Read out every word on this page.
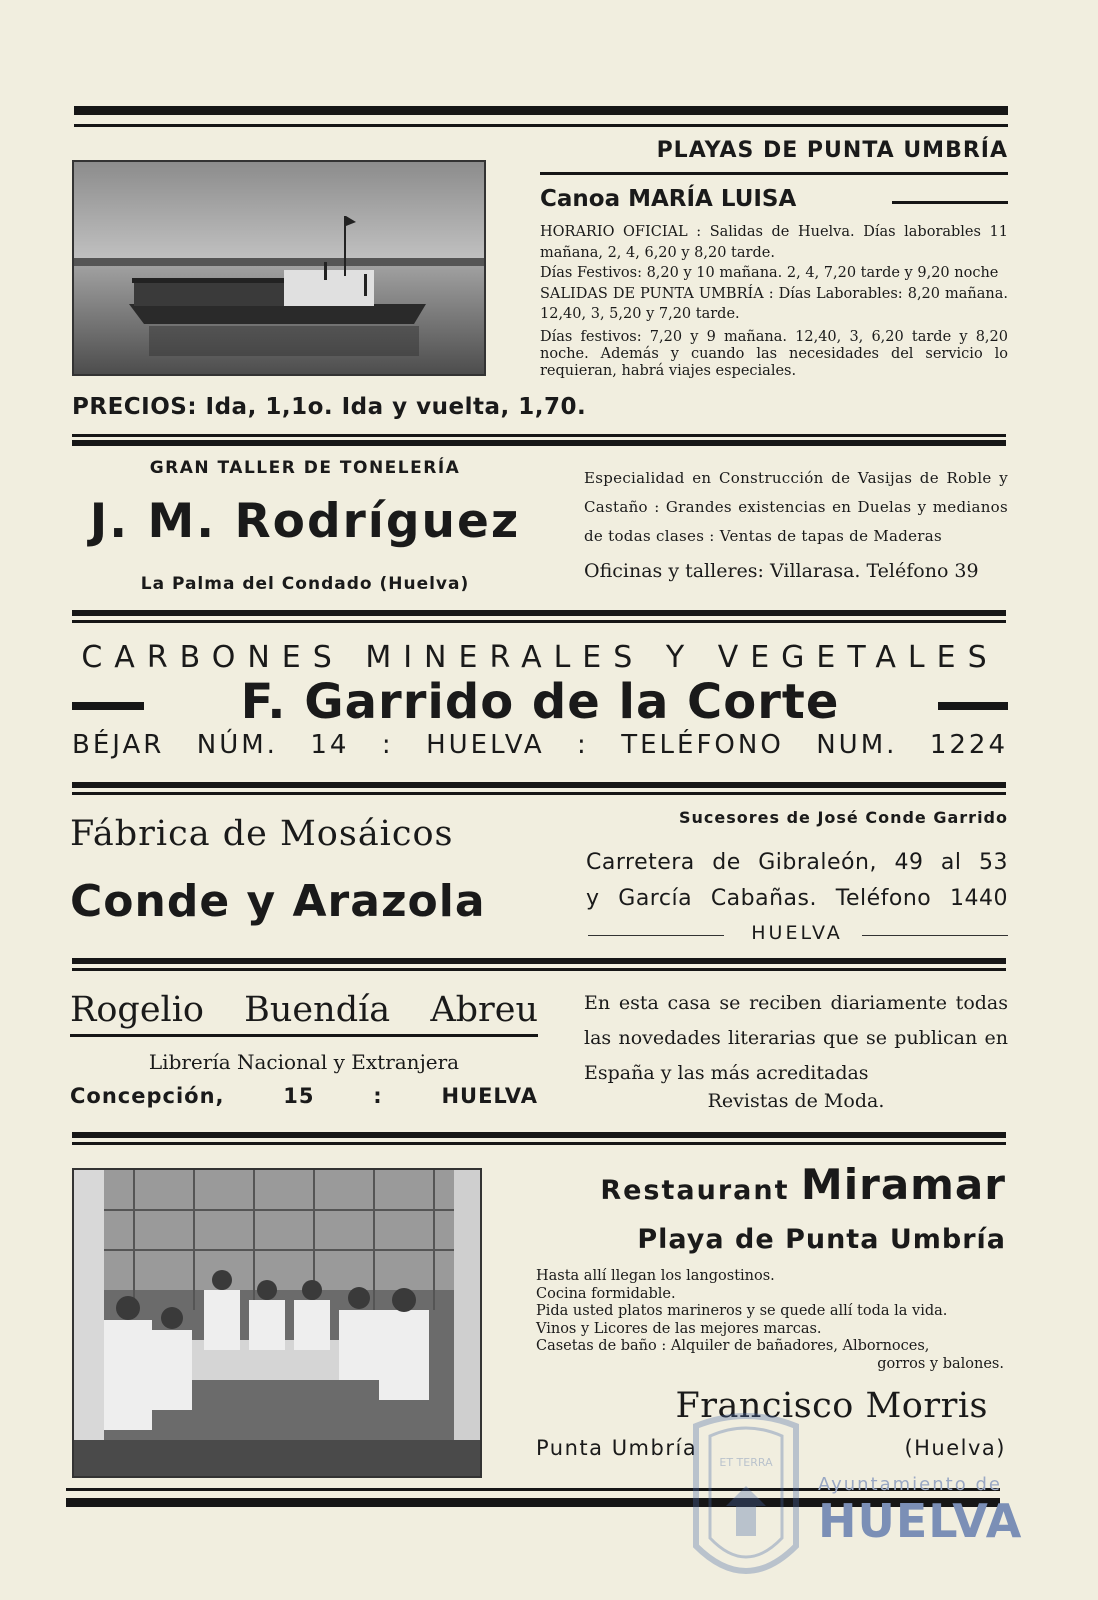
PLAYAS DE PUNTA UMBRÍA
Canoa MARÍA LUISA
HORARIO OFICIAL : Salidas de Huelva. Días laborables 11 mañana, 2, 4, 6,20 y 8,20 tarde.
Días Festivos: 8,20 y 10 mañana. 2, 4, 7,20 tarde y 9,20 noche
SALIDAS DE PUNTA UMBRÍA : Días Laborables: 8,20 mañana. 12,40, 3, 5,20 y 7,20 tarde.
Días festivos: 7,20 y 9 mañana. 12,40, 3, 6,20 tarde y 8,20 noche. Además y cuando las necesidades del servicio lo requieran, habrá viajes especiales.
PRECIOS: Ida, 1,1o. Ida y vuelta, 1,70.
GRAN TALLER DE TONELERÍA
J. M. Rodríguez
La Palma del Condado (Huelva)
Especialidad en Construcción de Vasijas de Roble y Castaño : Grandes existencias en Duelas y medianos de todas clases : Ventas de tapas de Maderas
Oficinas y talleres: Villarasa. Teléfono 39
CARBONES MINERALES Y VEGETALES
F. Garrido de la Corte
BÉJAR NÚM. 14 : HUELVA : TELÉFONO NUM. 1224
Fábrica de Mosáicos
Conde y Arazola
Sucesores de José Conde Garrido
Carretera de Gibraleón, 49 al 53
y García Cabañas. Teléfono 1440
HUELVA
Rogelio Buendía Abreu
Librería Nacional y Extranjera
Concepción, 15 : HUELVA
En esta casa se reciben diariamente todas las novedades literarias que se publican en España y las más acreditadas
Revistas de Moda.
Restaurant Miramar
Playa de Punta Umbría
Hasta allí llegan los langostinos.
Cocina formidable.
Pida usted platos marineros y se quede allí toda la vida.
Vinos y Licores de las mejores marcas.
Casetas de baño : Alquiler de bañadores, Albornoces,
gorros y balones.
Francisco Morris
Punta Umbría	(Huelva)
ET TERRA
Ayuntamiento de
HUELVA
